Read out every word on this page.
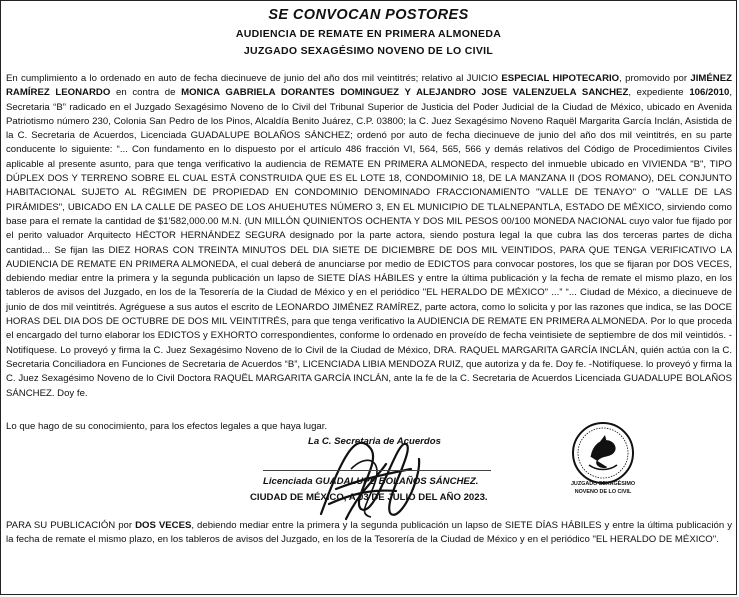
SE CONVOCAN POSTORES
AUDIENCIA DE REMATE EN PRIMERA ALMONEDA
JUZGADO SEXAGÉSIMO NOVENO DE LO CIVIL

En cumplimiento a lo ordenado en auto de fecha diecinueve de junio del año dos mil veintitrés; relativo al JUICIO ESPECIAL HIPOTECARIO, promovido por JIMÉNEZ RAMÍREZ LEONARDO en contra de MONICA GABRIELA DORANTES DOMINGUEZ Y ALEJANDRO JOSE VALENZUELA SANCHEZ, expediente 106/2010, Secretaria “B” radicado en el Juzgado Sexagésimo Noveno de lo Civil del Tribunal Superior de Justicia del Poder Judicial de la Ciudad de México, ubicado en Avenida Patriotismo número 230, Colonia San Pedro de los Pinos, Alcaldía Benito Juárez, C.P. 03800; la C. Juez Sexagésimo Noveno Raquël Margarita García Inclán, Asistida de la C. Secretaria de Acuerdos, Licenciada GUADALUPE BOLAÑOS SÁNCHEZ; ordenó por auto de fecha diecinueve de junio del año dos mil veintitrés, en su parte conducente lo siguiente: “... Con fundamento en lo dispuesto por el artículo 486 fracción VI, 564, 565, 566 y demás relativos del Código de Procedimientos Civiles aplicable al presente asunto, para que tenga verificativo la audiencia de REMATE EN PRIMERA ALMONEDA, respecto del inmueble ubicado en VIVIENDA "B", TIPO DÚPLEX DOS Y TERRENO SOBRE EL CUAL ESTÁ CONSTRUIDA QUE ES EL LOTE 18, CONDOMINIO 18, DE LA MANZANA II (DOS ROMANO), DEL CONJUNTO HABITACIONAL SUJETO AL RÉGIMEN DE PROPIEDAD EN CONDOMINIO DENOMINADO FRACCIONAMIENTO "VALLE DE TENAYO" O "VALLE DE LAS PIRÁMIDES", UBICADO EN LA CALLE DE PASEO DE LOS AHUEHUTES NÚMERO 3, EN EL MUNICIPIO DE TLALNEPANTLA, ESTADO DE MÉXICO, sirviendo como base para el remate la cantidad de $1'582,000.00 M.N. (UN MILLÓN QUINIENTOS OCHENTA Y DOS MIL PESOS 00/100 MONEDA NACIONAL cuyo valor fue fijado por el perito valuador Arquitecto HÉCTOR HERNÁNDEZ SEGURA designado por la parte actora, siendo postura legal la que cubra las dos terceras partes de dicha cantidad... Se fijan las DIEZ HORAS CON TREINTA MINUTOS DEL DIA SIETE DE DICIEMBRE DE DOS MIL VEINTIDOS, PARA QUE TENGA VERIFICATIVO LA AUDIENCIA DE REMATE EN PRIMERA ALMONEDA, el cual deberá de anunciarse por medio de EDICTOS para convocar postores, los que se fijaran por DOS VECES, debiendo mediar entre la primera y la segunda publicación un lapso de SIETE DÍAS HÁBILES y entre la última publicación y la fecha de remate el mismo plazo, en los tableros de avisos del Juzgado, en los de la Tesorería de la Ciudad de México y en el periódico "EL HERALDO DE MÉXICO" ...” “... Ciudad de México, a diecinueve de junio de dos mil veintitrés. Agréguese a sus autos el escrito de LEONARDO JIMÉNEZ RAMÍREZ, parte actora, como lo solicita y por las razones que indica, se las DOCE HORAS DEL DIA DOS DE OCTUBRE DE DOS MIL VEINTITRÉS, para que tenga verificativo la AUDIENCIA DE REMATE EN PRIMERA ALMONEDA. Por lo que proceda el encargado del turno elaborar los EDICTOS y EXHORTO correspondientes, conforme lo ordenado en proveído de fecha veintisiete de septiembre de dos mil veintidós. - Notifíquese. Lo proveyó y firma la C. Juez Sexagésimo Noveno de lo Civil de la Ciudad de México, DRA. RAQUEL MARGARITA GARCÍA INCLÁN, quién actúa con la C. Secretaria Conciliadora en Funciones de Secretaria de Acuerdos “B”, LICENCIADA LIBIA MENDOZA RUIZ, que autoriza y da fe. Doy fe. -Notifíquese. lo proveyó y firma la C. Juez Sexagésimo Noveno de lo Civil Doctora RAQUËL MARGARITA GARCÍA INCLÁN, ante la fe de la C. Secretaria de Acuerdos Licenciada GUADALUPE BOLAÑOS SÁNCHEZ. Doy fe.

Lo que hago de su conocimiento, para los efectos legales a que haya lugar.
La C. Secretaria de Acuerdos
Licenciada GUADALUPE BOLAÑOS SÁNCHEZ.
CIUDAD DE MÉXICO, A 03 DE JULIO DEL AÑO 2023.
JUZGADO SEXAGÉSIMO NOVENO DE LO CIVIL

PARA SU PUBLICACIÓN por DOS VECES, debiendo mediar entre la primera y la segunda publicación un lapso de SIETE DÍAS HÁBILES y entre la última publicación y la fecha de remate el mismo plazo, en los tableros de avisos del Juzgado, en los de la Tesorería de la Ciudad de México y en el periódico "EL HERALDO DE MÉXICO".
